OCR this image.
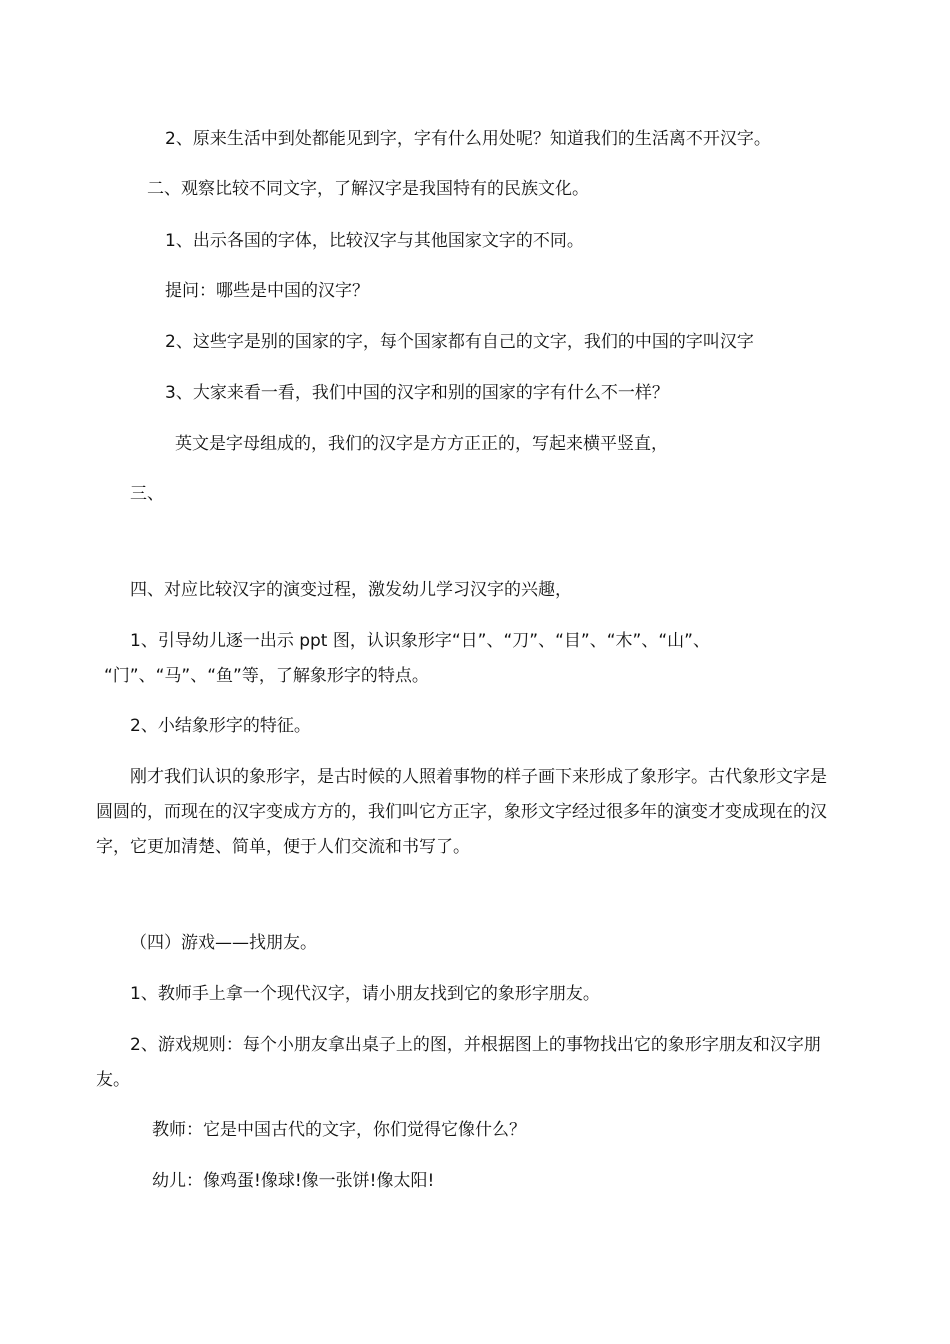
2、原来生活中到处都能见到字，字有什么用处呢？知道我们的生活离不开汉字。
二、观察比较不同文字，了解汉字是我国特有的民族文化。
1、出示各国的字体，比较汉字与其他国家文字的不同。
提问：哪些是中国的汉字？
2、这些字是别的国家的字，每个国家都有自己的文字，我们的中国的字叫汉字
3、大家来看一看，我们中国的汉字和别的国家的字有什么不一样？
英文是字母组成的，我们的汉字是方方正正的，写起来横平竖直，
三、
四、对应比较汉字的演变过程，激发幼儿学习汉字的兴趣，
1、引导幼儿逐一出示 ppt 图，认识象形字“日”、“刀”、“目”、“木”、“山”、
“门”、“马”、“鱼”等，了解象形字的特点。
2、小结象形字的特征。
刚才我们认识的象形字，是古时候的人照着事物的样子画下来形成了象形字。古代象形文字是
圆圆的，而现在的汉字变成方方的，我们叫它方正字，象形文字经过很多年的演变才变成现在的汉
字，它更加清楚、简单，便于人们交流和书写了。
（四）游戏——找朋友。
1、教师手上拿一个现代汉字，请小朋友找到它的象形字朋友。
2、游戏规则：每个小朋友拿出桌子上的图，并根据图上的事物找出它的象形字朋友和汉字朋
友。
教师：它是中国古代的文字，你们觉得它像什么？
幼儿：像鸡蛋!像球!像一张饼!像太阳!
